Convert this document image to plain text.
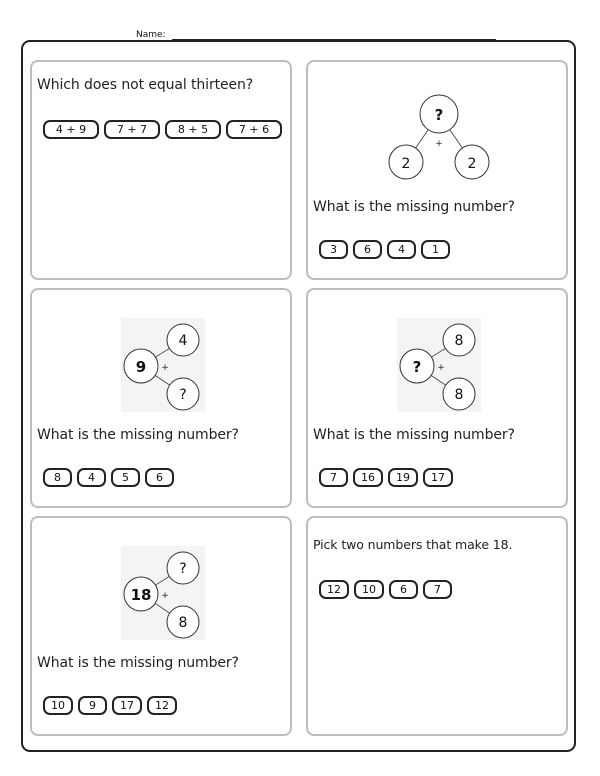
Name:
Which does not equal thirteen?
4 + 9	7 + 7	8 + 5	7 + 6
?
+
2	2
What is the missing number?
3	6	4	1
9 +
4
?
What is the missing number?
8	4	5	6
? +
8
8
What is the missing number?
7	16	19	17
18 +
?
8
What is the missing number?
10	9	17	12
Pick two numbers that make 18.
12	10	6	7
